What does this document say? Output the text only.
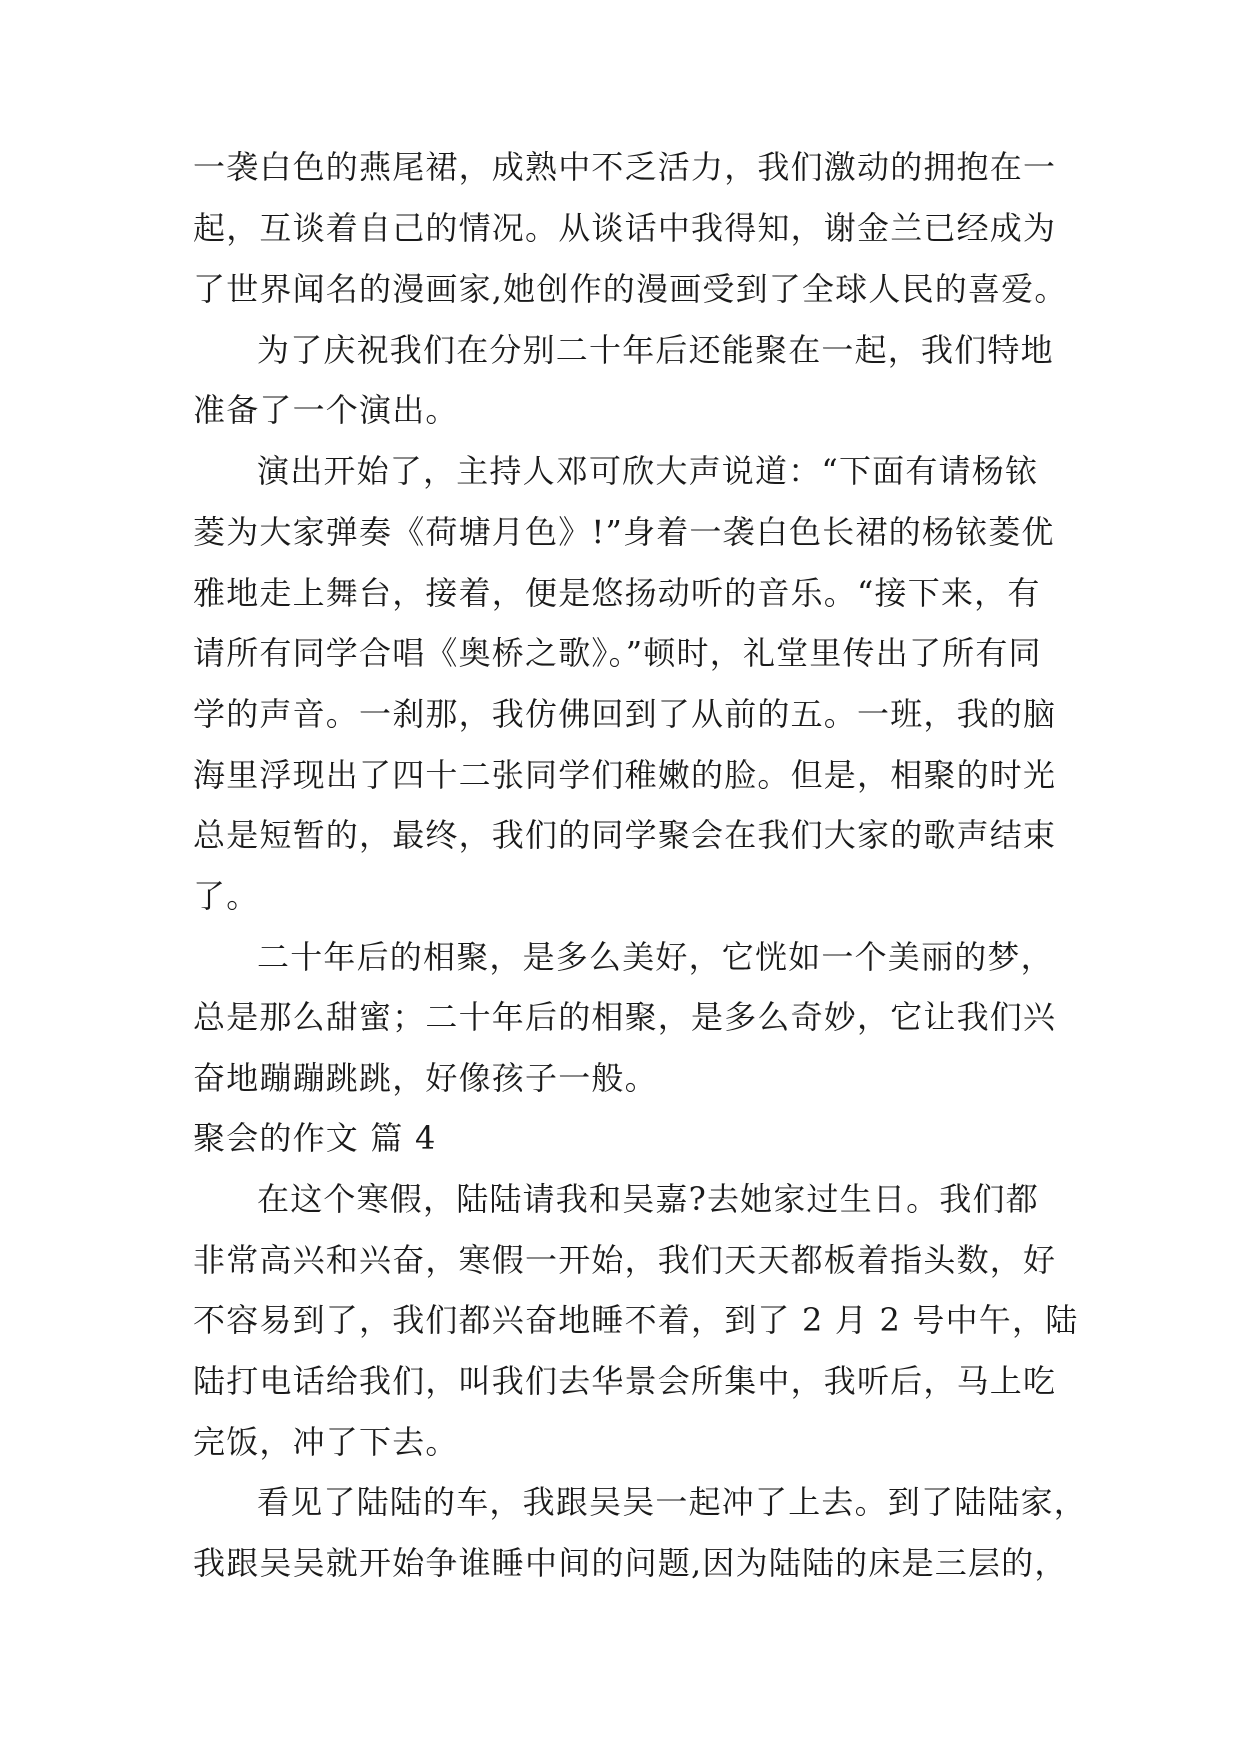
一袭白色的燕尾裙，成熟中不乏活力，我们激动的拥抱在一
起，互谈着自己的情况。从谈话中我得知，谢金兰已经成为
了世界闻名的漫画家,她创作的漫画受到了全球人民的喜爱。
为了庆祝我们在分别二十年后还能聚在一起，我们特地
准备了一个演出。
演出开始了，主持人邓可欣大声说道：“下面有请杨铱
菱为大家弹奏《荷塘月色》!”身着一袭白色长裙的杨铱菱优
雅地走上舞台，接着，便是悠扬动听的音乐。“接下来，有
请所有同学合唱《奥桥之歌》。”顿时，礼堂里传出了所有同
学的声音。一刹那，我仿佛回到了从前的五。一班，我的脑
海里浮现出了四十二张同学们稚嫩的脸。但是，相聚的时光
总是短暂的，最终，我们的同学聚会在我们大家的歌声结束
了。
二十年后的相聚，是多么美好，它恍如一个美丽的梦，
总是那么甜蜜；二十年后的相聚，是多么奇妙，它让我们兴
奋地蹦蹦跳跳，好像孩子一般。
聚会的作文 篇 4
在这个寒假，陆陆请我和吴嘉?去她家过生日。我们都
非常高兴和兴奋，寒假一开始，我们天天都板着指头数，好
不容易到了，我们都兴奋地睡不着，到了 2 月 2 号中午，陆
陆打电话给我们，叫我们去华景会所集中，我听后，马上吃
完饭，冲了下去。
看见了陆陆的车，我跟吴吴一起冲了上去。到了陆陆家，
我跟吴吴就开始争谁睡中间的问题,因为陆陆的床是三层的，
